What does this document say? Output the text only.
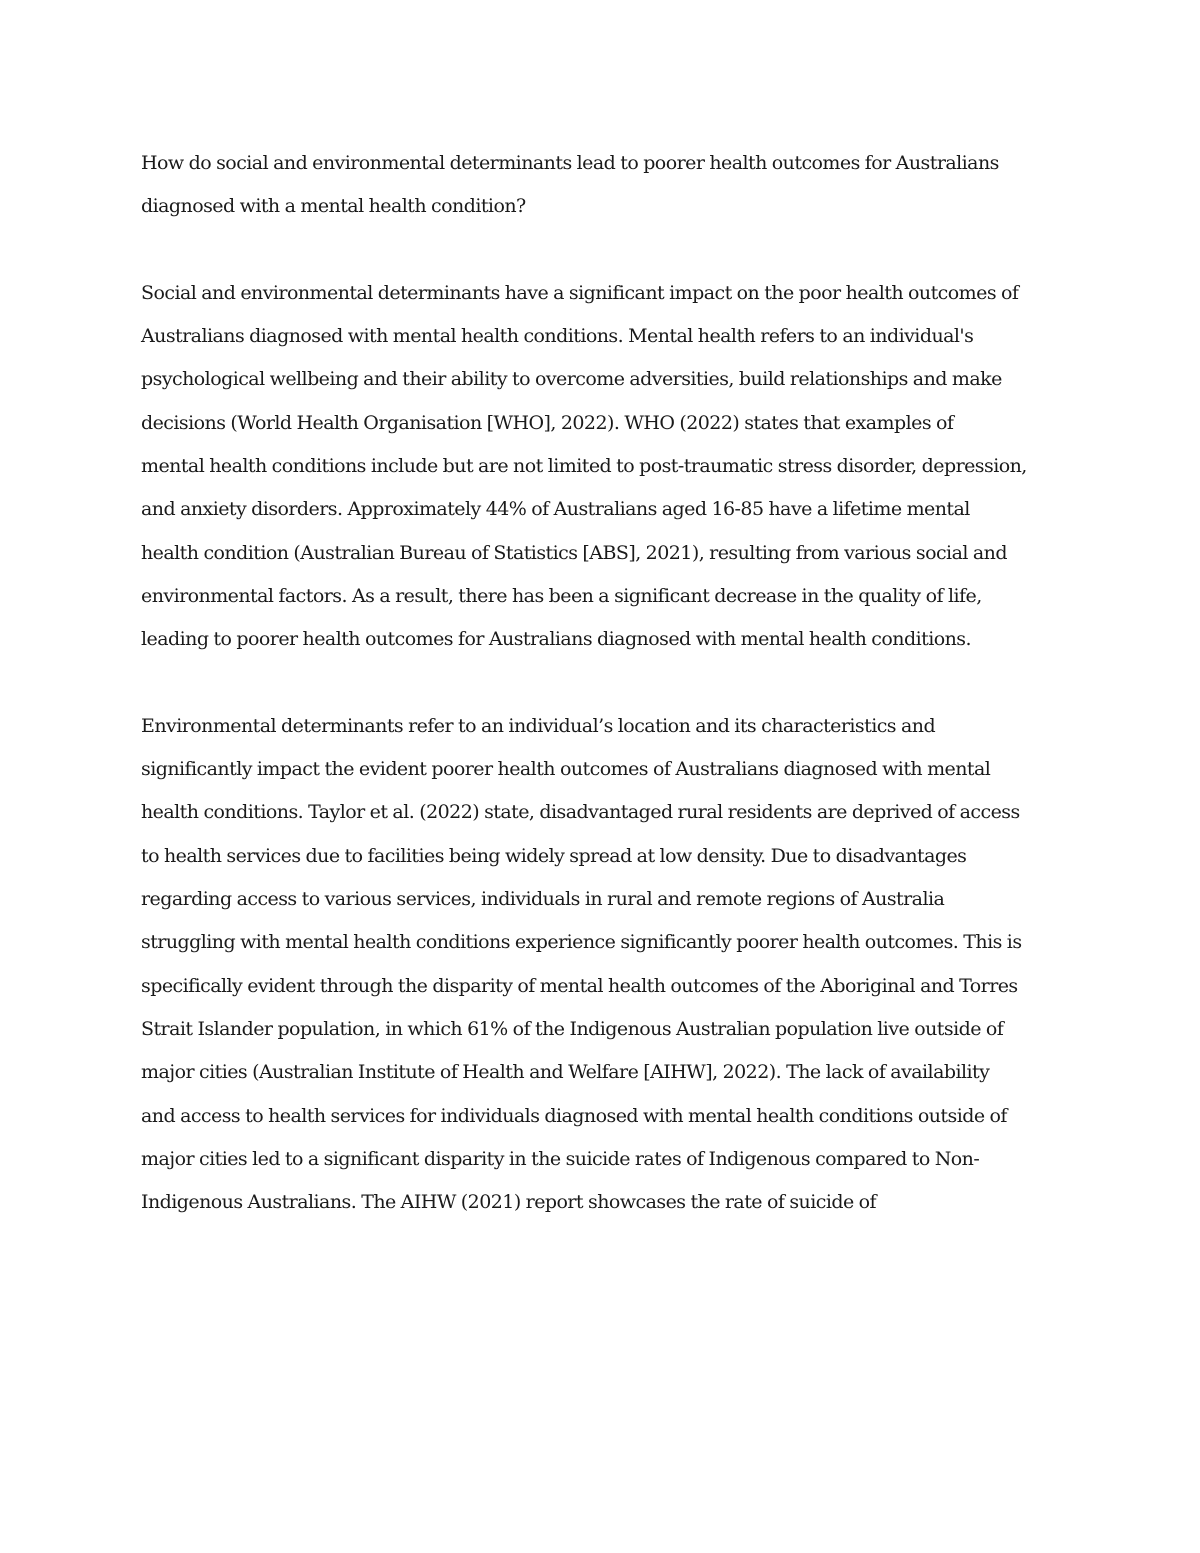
How do social and environmental determinants lead to poorer health outcomes for Australians
diagnosed with a mental health condition?

Social and environmental determinants have a significant impact on the poor health outcomes of
Australians diagnosed with mental health conditions. Mental health refers to an individual's
psychological wellbeing and their ability to overcome adversities, build relationships and make
decisions (World Health Organisation [WHO], 2022). WHO (2022) states that examples of
mental health conditions include but are not limited to post-traumatic stress disorder, depression,
and anxiety disorders. Approximately 44% of Australians aged 16-85 have a lifetime mental
health condition (Australian Bureau of Statistics [ABS], 2021), resulting from various social and
environmental factors. As a result, there has been a significant decrease in the quality of life,
leading to poorer health outcomes for Australians diagnosed with mental health conditions.

Environmental determinants refer to an individual’s location and its characteristics and
significantly impact the evident poorer health outcomes of Australians diagnosed with mental
health conditions. Taylor et al. (2022) state, disadvantaged rural residents are deprived of access
to health services due to facilities being widely spread at low density. Due to disadvantages
regarding access to various services, individuals in rural and remote regions of Australia
struggling with mental health conditions experience significantly poorer health outcomes. This is
specifically evident through the disparity of mental health outcomes of the Aboriginal and Torres
Strait Islander population, in which 61% of the Indigenous Australian population live outside of
major cities (Australian Institute of Health and Welfare [AIHW], 2022). The lack of availability
and access to health services for individuals diagnosed with mental health conditions outside of
major cities led to a significant disparity in the suicide rates of Indigenous compared to Non-
Indigenous Australians. The AIHW (2021) report showcases the rate of suicide of
